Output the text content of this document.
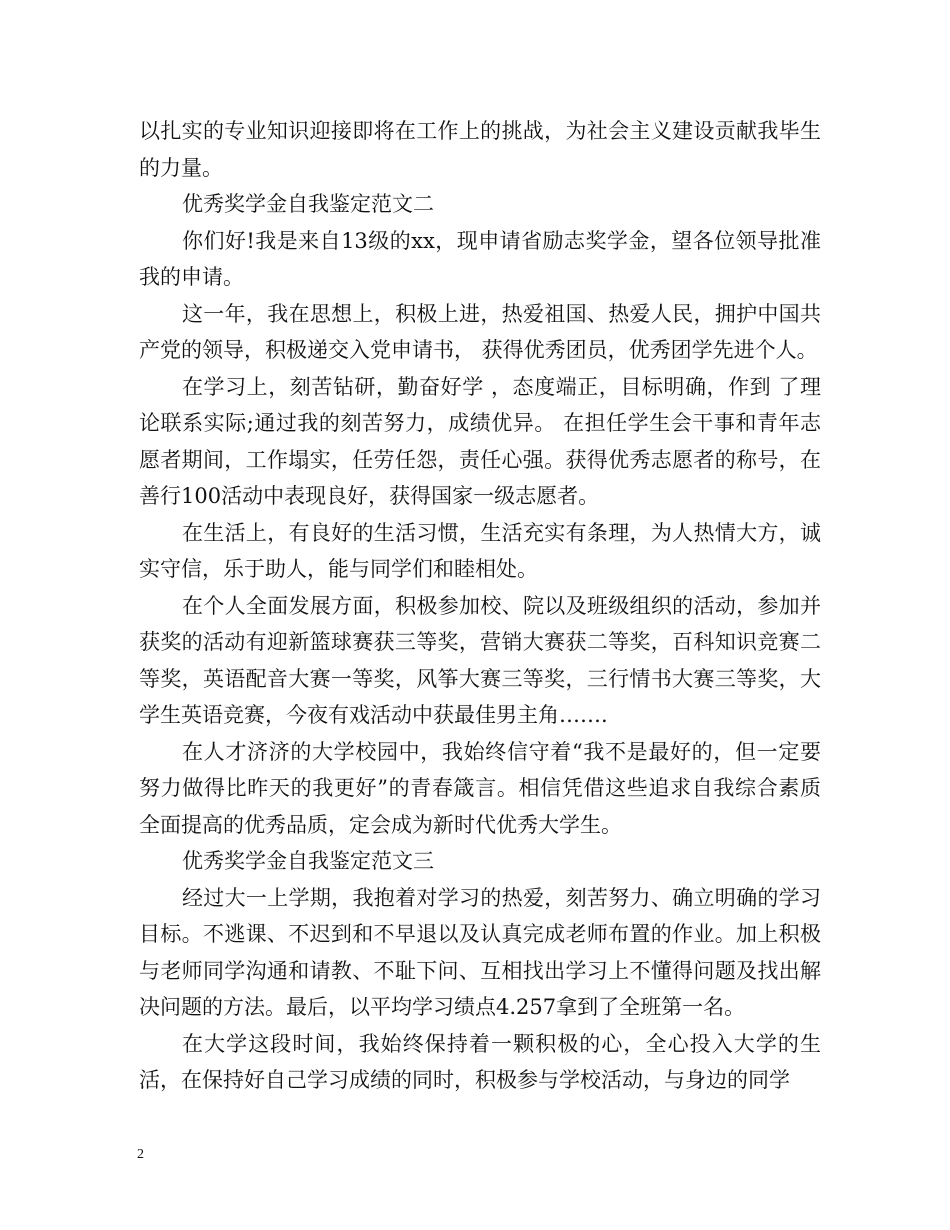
以扎实的专业知识迎接即将在工作上的挑战，为社会主义建设贡献我毕生的力量。

优秀奖学金自我鉴定范文二

你们好!我是来自13级的xx，现申请省励志奖学金，望各位领导批准我的申请。

这一年，我在思想上，积极上进，热爱祖国、热爱人民，拥护中国共产党的领导，积极递交入党申请书， 获得优秀团员，优秀团学先进个人。

在学习上，刻苦钻研，勤奋好学 ，态度端正，目标明确，作到 了理论联系实际;通过我的刻苦努力，成绩优异。 在担任学生会干事和青年志愿者期间，工作塌实，任劳任怨，责任心强。获得优秀志愿者的称号，在善行100活动中表现良好，获得国家一级志愿者。

在生活上，有良好的生活习惯，生活充实有条理，为人热情大方，诚实守信，乐于助人，能与同学们和睦相处。

在个人全面发展方面，积极参加校、院以及班级组织的活动，参加并获奖的活动有迎新篮球赛获三等奖，营销大赛获二等奖，百科知识竞赛二等奖，英语配音大赛一等奖，风筝大赛三等奖，三行情书大赛三等奖，大学生英语竞赛，今夜有戏活动中获最佳男主角…….

在人才济济的大学校园中，我始终信守着“我不是最好的，但一定要努力做得比昨天的我更好”的青春箴言。相信凭借这些追求自我综合素质全面提高的优秀品质，定会成为新时代优秀大学生。

优秀奖学金自我鉴定范文三

经过大一上学期，我抱着对学习的热爱，刻苦努力、确立明确的学习目标。不逃课、不迟到和不早退以及认真完成老师布置的作业。加上积极与老师同学沟通和请教、不耻下问、互相找出学习上不懂得问题及找出解决问题的方法。最后，以平均学习绩点4.257拿到了全班第一名。

在大学这段时间，我始终保持着一颗积极的心，全心投入大学的生活，在保持好自己学习成绩的同时，积极参与学校活动，与身边的同学

2
